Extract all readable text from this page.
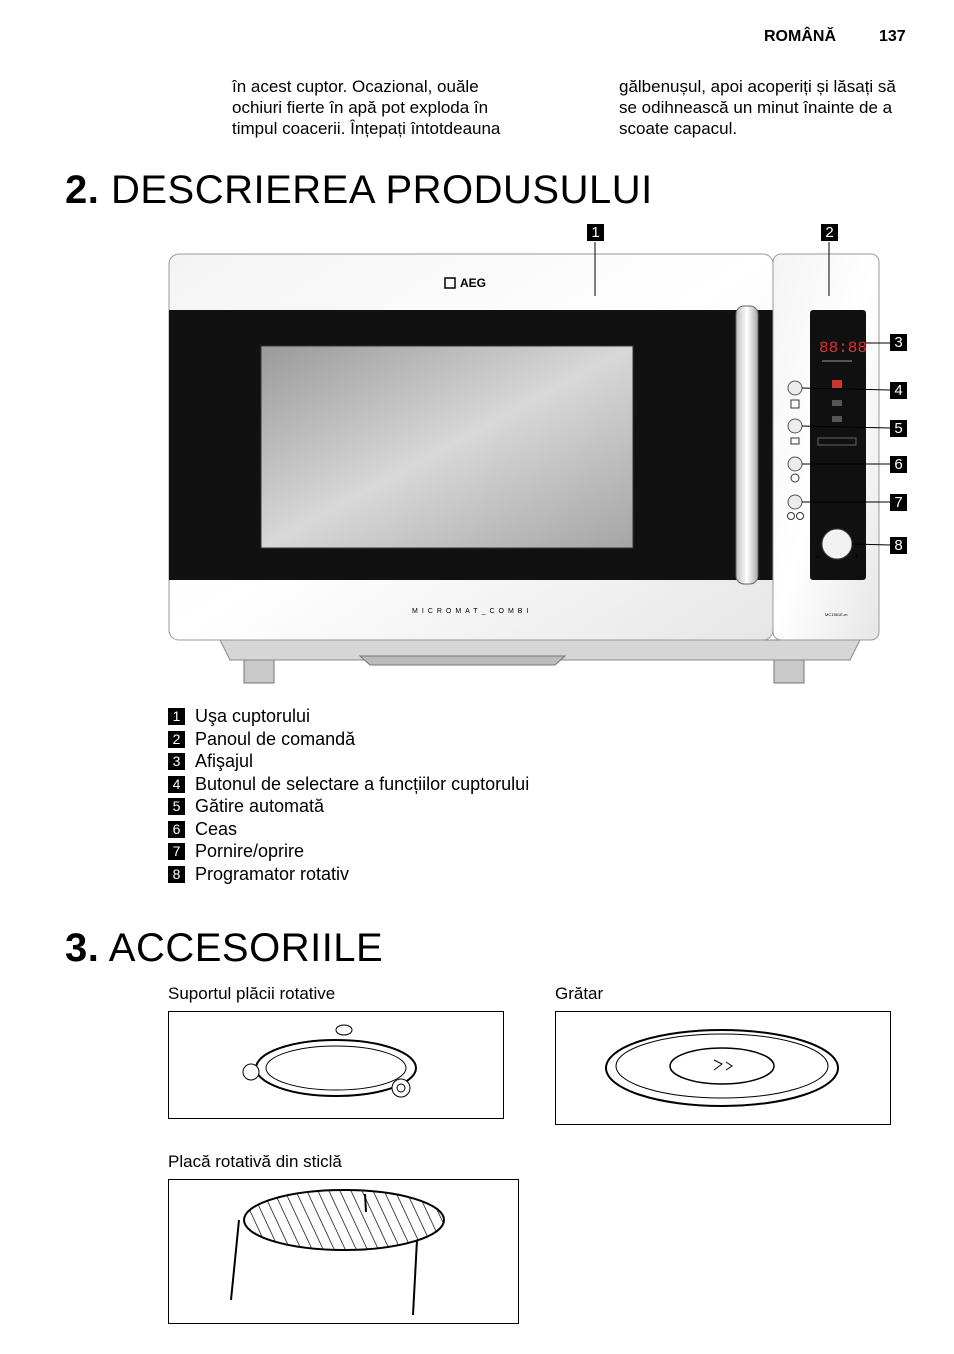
ROMÂNĂ	137
în acest cuptor. Ocazional, ouăle
ochiuri fierte în apă pot exploda în
timpul coacerii. Înțepați întotdeauna
gălbenușul, apoi acoperiți și lăsați să
se odihnească un minut înainte de a
scoate capacul.
2. DESCRIEREA PRODUSULUI
AEG
MICROMAT_COMBI
88:88
–	+
MC1561E-m
1	2
3
4
5
6
7
8
1 Uşa cuptorului
2 Panoul de comandă
3 Afişajul
4 Butonul de selectare a funcțiilor cuptorului
5 Gătire automată
6 Ceas
7 Pornire/oprire
8 Programator rotativ
3. ACCESORIILE
Suportul plăcii rotative	Grătar
Placă rotativă din sticlă
